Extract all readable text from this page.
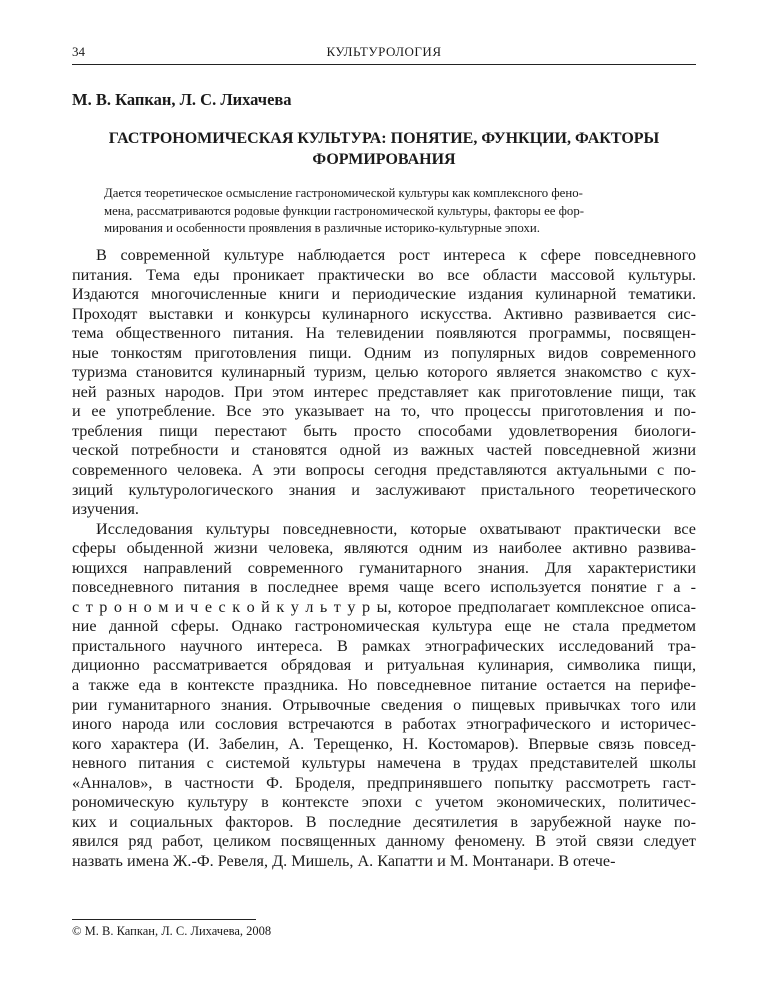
34	КУЛЬТУРОЛОГИЯ
М. В. Капкан, Л. С. Лихачева
ГАСТРОНОМИЧЕСКАЯ КУЛЬТУРА: ПОНЯТИЕ, ФУНКЦИИ, ФАКТОРЫ
ФОРМИРОВАНИЯ
Дается теоретическое осмысление гастрономической культуры как комплексного фено-
мена, рассматриваются родовые функции гастрономической культуры, факторы ее фор-
мирования и особенности проявления в различные историко-культурные эпохи.
В современной культуре наблюдается рост интереса к сфере повседневного
питания. Тема еды проникает практически во все области массовой культуры.
Издаются многочисленные книги и периодические издания кулинарной тематики.
Проходят выставки и конкурсы кулинарного искусства. Активно развивается сис-
тема общественного питания. На телевидении появляются программы, посвящен-
ные тонкостям приготовления пищи. Одним из популярных видов современного
туризма становится кулинарный туризм, целью которого является знакомство с кух-
ней разных народов. При этом интерес представляет как приготовление пищи, так
и ее употребление. Все это указывает на то, что процессы приготовления и по-
требления пищи перестают быть просто способами удовлетворения биологи-
ческой потребности и становятся одной из важных частей повседневной жизни
современного человека. А эти вопросы сегодня представляются актуальными с по-
зиций культурологического знания и заслуживают пристального теоретического
изучения.
Исследования культуры повседневности, которые охватывают практически все
сферы обыденной жизни человека, являются одним из наиболее активно развива-
ющихся направлений современного гуманитарного знания. Для характеристики
повседневного питания в последнее время чаще всего используется понятие г а -
с т р о н о м и ч е с к о й к у л ь т у р ы, которое предполагает комплексное описа-
ние данной сферы. Однако гастрономическая культура еще не стала предметом
пристального научного интереса. В рамках этнографических исследований тра-
диционно рассматривается обрядовая и ритуальная кулинария, символика пищи,
а также еда в контексте праздника. Но повседневное питание остается на перифе-
рии гуманитарного знания. Отрывочные сведения о пищевых привычках того или
иного народа или сословия встречаются в работах этнографического и историчес-
кого характера (И. Забелин, А. Терещенко, Н. Костомаров). Впервые связь повсед-
невного питания с системой культуры намечена в трудах представителей школы
«Анналов», в частности Ф. Броделя, предпринявшего попытку рассмотреть гаст-
рономическую культуру в контексте эпохи с учетом экономических, политичес-
ких и социальных факторов. В последние десятилетия в зарубежной науке по-
явился ряд работ, целиком посвященных данному феномену. В этой связи следует
назвать имена Ж.-Ф. Ревеля, Д. Мишель, А. Капатти и М. Монтанари. В отече-
© М. В. Капкан, Л. С. Лихачева, 2008
